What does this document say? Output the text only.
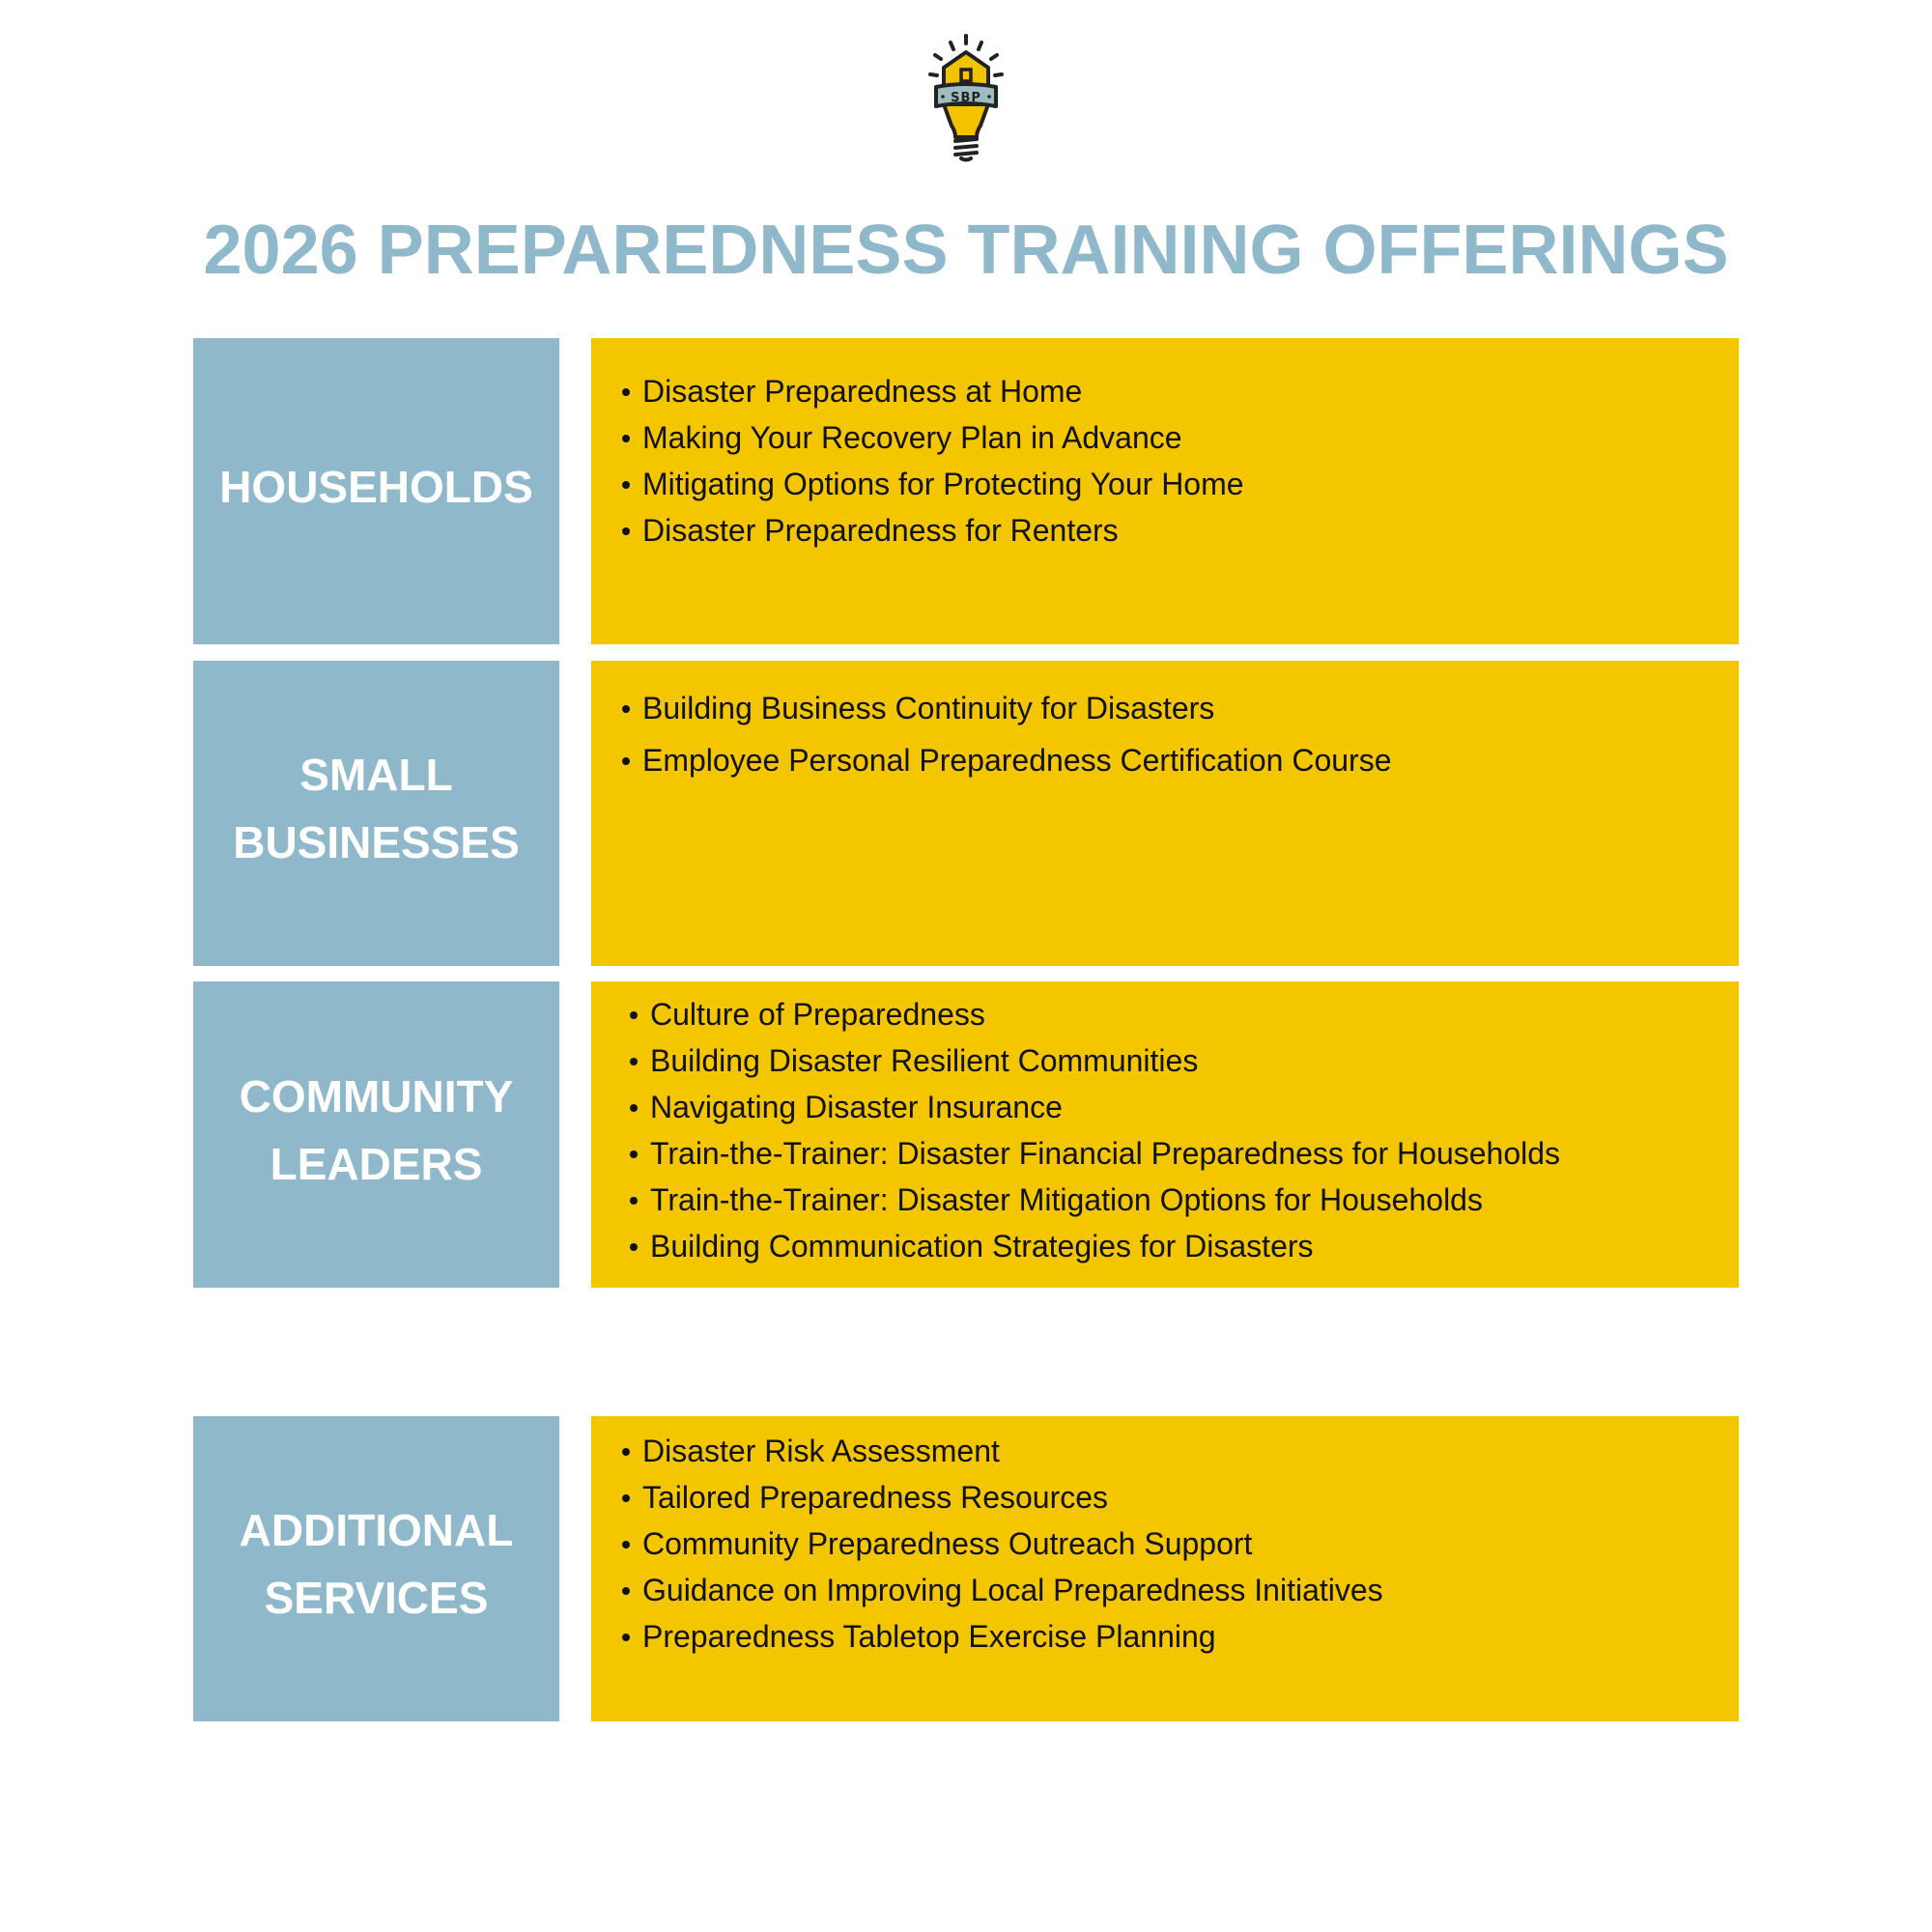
SBP
2026 PREPAREDNESS TRAINING OFFERINGS
HOUSEHOLDS
Disaster Preparedness at Home
Making Your Recovery Plan in Advance
Mitigating Options for Protecting Your Home
Disaster Preparedness for Renters
SMALL
BUSINESSES
Building Business Continuity for Disasters
Employee Personal Preparedness Certification Course
COMMUNITY
LEADERS
Culture of Preparedness
Building Disaster Resilient Communities
Navigating Disaster Insurance
Train-the-Trainer: Disaster Financial Preparedness for Households
Train-the-Trainer: Disaster Mitigation Options for Households
Building Communication Strategies for Disasters
ADDITIONAL
SERVICES
Disaster Risk Assessment
Tailored Preparedness Resources
Community Preparedness Outreach Support
Guidance on Improving Local Preparedness Initiatives
Preparedness Tabletop Exercise Planning
